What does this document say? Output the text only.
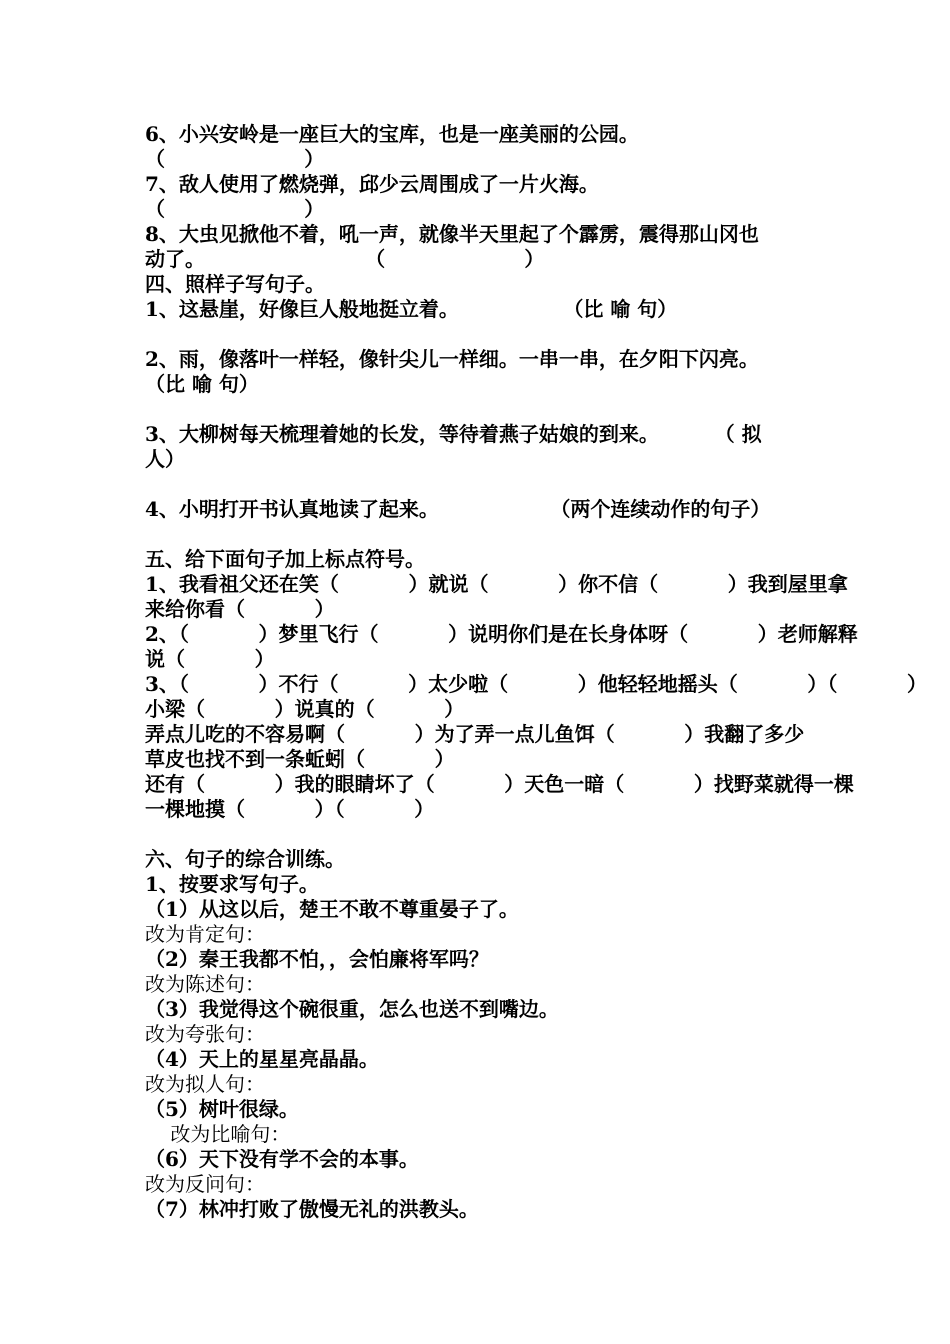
6、小兴安岭是一座巨大的宝库，也是一座美丽的公园。
（                    ）
7、敌人使用了燃烧弹，邱少云周围成了一片火海。
（                    ）
8、大虫见掀他不着，吼一声，就像半天里起了个霹雳，震得那山冈也
动了。                       （                    ）
四、照样子写句子。
1、这悬崖，好像巨人般地挺立着。               （比 喻 句）
2、雨，像落叶一样轻，像针尖儿一样细。一串一串，在夕阳下闪亮。
（比 喻 句）
3、大柳树每天梳理着她的长发，等待着燕子姑娘的到来。        （ 拟
人）
4、小明打开书认真地读了起来。                （两个连续动作的句子）
五、给下面句子加上标点符号。
1、我看祖父还在笑（          ）就说（          ）你不信（          ）我到屋里拿
来给你看（          ）
2、（          ）梦里飞行（          ）说明你们是在长身体呀（          ）老师解释
说（          ）
3、（          ）不行（          ）太少啦（          ）他轻轻地摇头（          ）（          ）
小梁（          ）说真的（          ）
弄点儿吃的不容易啊（          ）为了弄一点儿鱼饵（          ）我翻了多少
草皮也找不到一条蚯蚓（          ）
还有（          ）我的眼睛坏了（          ）天色一暗（          ）找野菜就得一棵
一棵地摸（          ）（          ）
六、句子的综合训练。
1、按要求写句子。
（1）从这以后，楚王不敢不尊重晏子了。
改为肯定句：
（2）秦王我都不怕，，会怕廉将军吗？
改为陈述句：
（3）我觉得这个碗很重，怎么也送不到嘴边。
改为夸张句：
（4）天上的星星亮晶晶。
改为拟人句：
（5）树叶很绿。
改为比喻句：
（6）天下没有学不会的本事。
改为反问句：
（7）林冲打败了傲慢无礼的洪教头。
